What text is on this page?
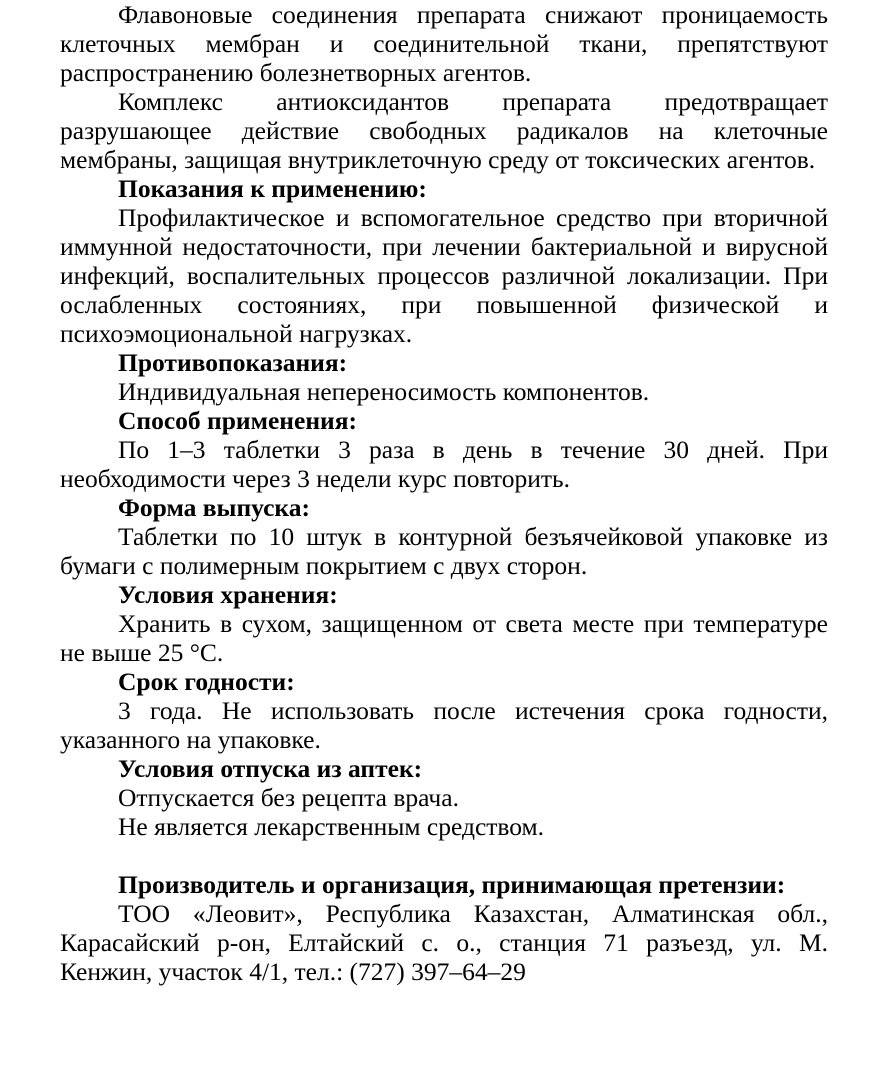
Флавоновые соединения препарата снижают проницаемость клеточных мембран и соединительной ткани, препятствуют распространению болезнетворных агентов.

Комплекс антиоксидантов препарата предотвращает разрушающее действие свободных радикалов на клеточные мембраны, защищая внутриклеточную среду от токсических агентов.

Показания к применению:

Профилактическое и вспомогательное средство при вторичной иммунной недостаточности, при лечении бактериальной и вирусной инфекций, воспалительных процессов различной локализации. При ослабленных состояниях, при повышенной физической и психоэмоциональной нагрузках.

Противопоказания:

Индивидуальная непереносимость компонентов.

Способ применения:

По 1–3 таблетки 3 раза в день в течение 30 дней. При необходимости через 3 недели курс повторить.

Форма выпуска:

Таблетки по 10 штук в контурной безъячейковой упаковке из бумаги с полимерным покрытием с двух сторон.

Условия хранения:

Хранить в сухом, защищенном от света месте при температуре не выше 25 °С.

Срок годности:

3 года. Не использовать после истечения срока годности, указанного на упаковке.

Условия отпуска из аптек:

Отпускается без рецепта врача.

Не является лекарственным средством.

Производитель и организация, принимающая претензии:

ТОО «Леовит», Республика Казахстан, Алматинская обл., Карасайский р-он, Елтайский с. о., станция 71 разъезд, ул. М. Кенжин, участок 4/1, тел.: (727) 397–64–29
